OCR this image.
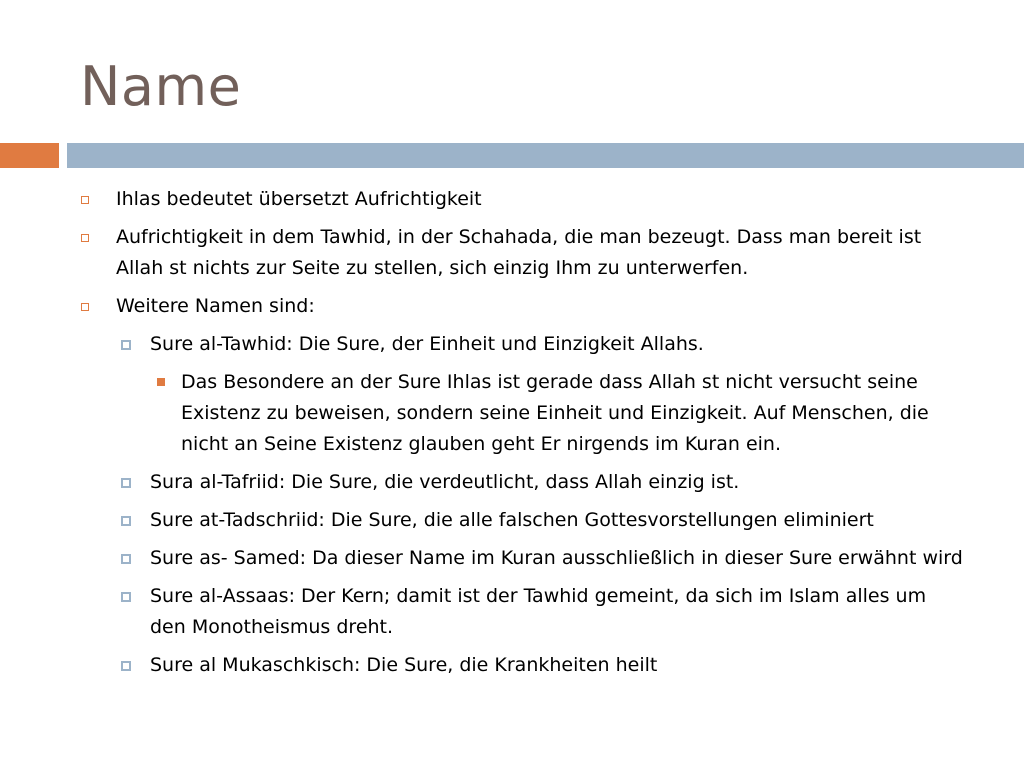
Name
Ihlas bedeutet übersetzt Aufrichtigkeit
Aufrichtigkeit in dem Tawhid, in der Schahada, die man bezeugt. Dass man bereit ist Allah st nichts zur Seite zu stellen, sich einzig Ihm zu unterwerfen.
Weitere Namen sind:
Sure al-Tawhid: Die Sure, der Einheit und Einzigkeit Allahs.
Das Besondere an der Sure Ihlas ist gerade dass Allah st nicht versucht seine Existenz zu beweisen, sondern seine Einheit und Einzigkeit. Auf Menschen, die nicht an Seine Existenz glauben geht Er nirgends im Kuran ein.
Sura al-Tafriid: Die Sure, die verdeutlicht, dass Allah einzig ist.
Sure at-Tadschriid: Die Sure, die alle falschen Gottesvorstellungen eliminiert
Sure as- Samed: Da dieser Name im Kuran ausschließlich in dieser Sure erwähnt wird
Sure al-Assaas: Der Kern; damit ist der Tawhid gemeint, da sich im Islam alles um den Monotheismus dreht.
Sure al Mukaschkisch: Die Sure, die Krankheiten heilt
